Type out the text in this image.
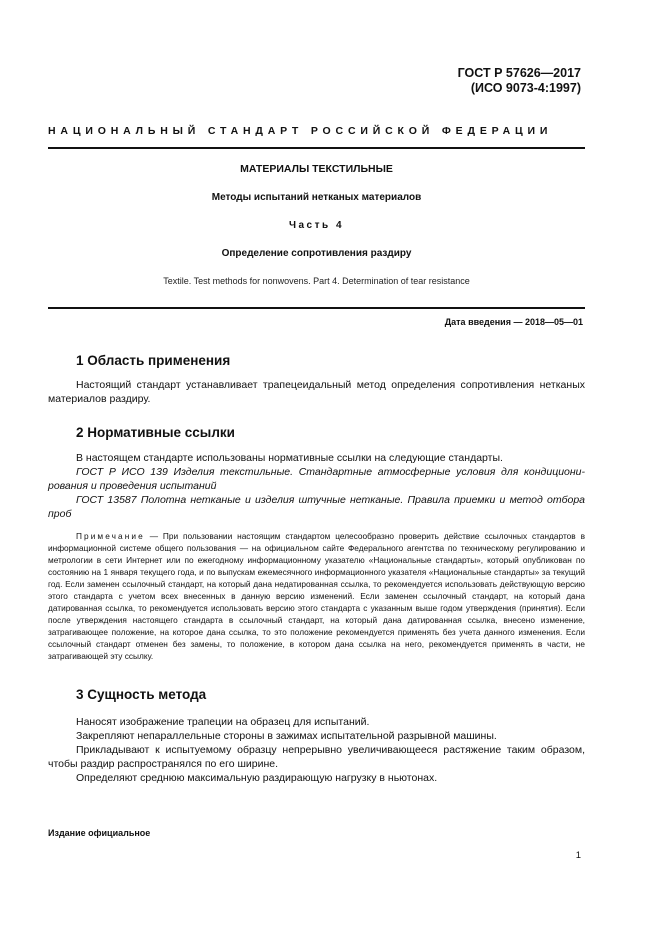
ГОСТ Р 57626—2017
(ИСО 9073-4:1997)
НАЦИОНАЛЬНЫЙ СТАНДАРТ РОССИЙСКОЙ ФЕДЕРАЦИИ
МАТЕРИАЛЫ ТЕКСТИЛЬНЫЕ
Методы испытаний нетканых материалов
Часть 4
Определение сопротивления раздиру
Textile. Test methods for nonwovens. Part 4. Determination of tear resistance
Дата введения — 2018—05—01
1 Область применения
Настоящий стандарт устанавливает трапецеидальный метод определения сопротивления нетканых материалов раздиру.
2 Нормативные ссылки
В настоящем стандарте использованы нормативные ссылки на следующие стандарты.
ГОСТ Р ИСО 139 Изделия текстильные. Стандартные атмосферные условия для кондиционирования и проведения испытаний
ГОСТ 13587 Полотна нетканые и изделия штучные нетканые. Правила приемки и метод отбора проб
Примечание — При пользовании настоящим стандартом целесообразно проверить действие ссылочных стандартов в информационной системе общего пользования — на официальном сайте Федерального агентства по техническому регулированию и метрологии в сети Интернет или по ежегодному информационному указателю «Национальные стандарты», который опубликован по состоянию на 1 января текущего года, и по выпускам ежемесячного информационного указателя «Национальные стандарты» за текущий год. Если заменен ссылочный стандарт, на который дана недатированная ссылка, то рекомендуется использовать действующую версию этого стандарта с учетом всех внесенных в данную версию изменений. Если заменен ссылочный стандарт, на который дана датированная ссылка, то рекомендуется использовать версию этого стандарта с указанным выше годом утверждения (принятия). Если после утверждения настоящего стандарта в ссылочный стандарт, на который дана датированная ссылка, внесено изменение, затрагивающее положение, на которое дана ссылка, то это положение рекомендуется применять без учета данного изменения. Если ссылочный стандарт отменен без замены, то положение, в котором дана ссылка на него, рекомендуется применять в части, не затрагивающей эту ссылку.
3 Сущность метода
Наносят изображение трапеции на образец для испытаний.
Закрепляют непараллельные стороны в зажимах испытательной разрывной машины.
Прикладывают к испытуемому образцу непрерывно увеличивающееся растяжение таким образом, чтобы раздир распространялся по его ширине.
Определяют среднюю максимальную раздирающую нагрузку в ньютонах.
Издание официальное
1
